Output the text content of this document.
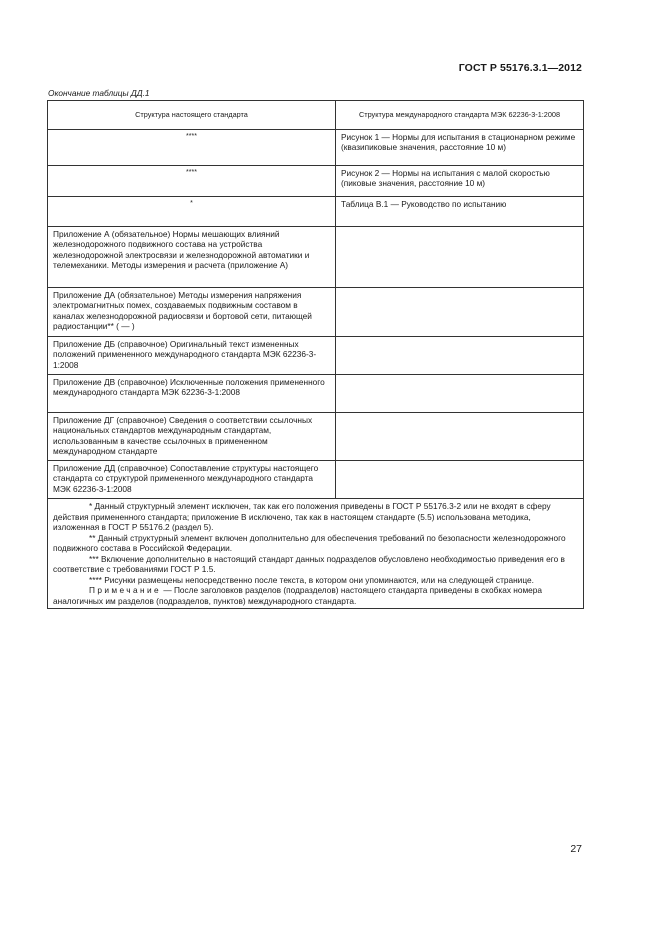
ГОСТ Р 55176.3.1—2012
Окончание таблицы ДД.1
Структура настоящего стандарта	Структура международного стандарта МЭК 62236-3-1:2008
****	Рисунок 1 — Нормы для испытания в стационарном режиме (квазипиковые значения, расстояние 10 м)
****	Рисунок 2 — Нормы на испытания с малой скоростью (пиковые значения, расстояние 10 м)
*	Таблица В.1 — Руководство по испытанию
Приложение А (обязательное) Нормы мешающих влияний железнодорожного подвижного состава на устройства железнодорожной электросвязи и железнодорожной автоматики и телемеханики. Методы измерения и расчета (приложение А)	
Приложение ДА (обязательное) Методы измерения напряжения электромагнитных помех, создаваемых подвижным составом в каналах железнодорожной радиосвязи и бортовой сети, питающей радиостанции** ( — )	
Приложение ДБ (справочное) Оригинальный текст измененных положений примененного международного стандарта МЭК 62236-3-1:2008	
Приложение ДВ (справочное) Исключенные положения примененного международного стандарта МЭК 62236-3-1:2008	
Приложение ДГ (справочное) Сведения о соответствии ссылочных национальных стандартов международным стандартам, использованным в качестве ссылочных в примененном международном стандарте	
Приложение ДД (справочное) Сопоставление структуры настоящего стандарта со структурой примененного международного стандарта МЭК 62236-3-1:2008	

* Данный структурный элемент исключен, так как его положения приведены в ГОСТ Р 55176.3-2 или не входят в сферу действия примененного стандарта; приложение В исключено, так как в настоящем стандарте (5.5) использована методика, изложенная в ГОСТ Р 55176.2 (раздел 5).
** Данный структурный элемент включен дополнительно для обеспечения требований по безопасности железнодорожного подвижного состава в Российской Федерации.
*** Включение дополнительно в настоящий стандарт данных подразделов обусловлено необходимостью приведения его в соответствие с требованиями ГОСТ Р 1.5.
**** Рисунки размещены непосредственно после текста, в котором они упоминаются, или на следующей странице.
Примечание — После заголовков разделов (подразделов) настоящего стандарта приведены в скобках номера аналогичных им разделов (подразделов, пунктов) международного стандарта.	
27
